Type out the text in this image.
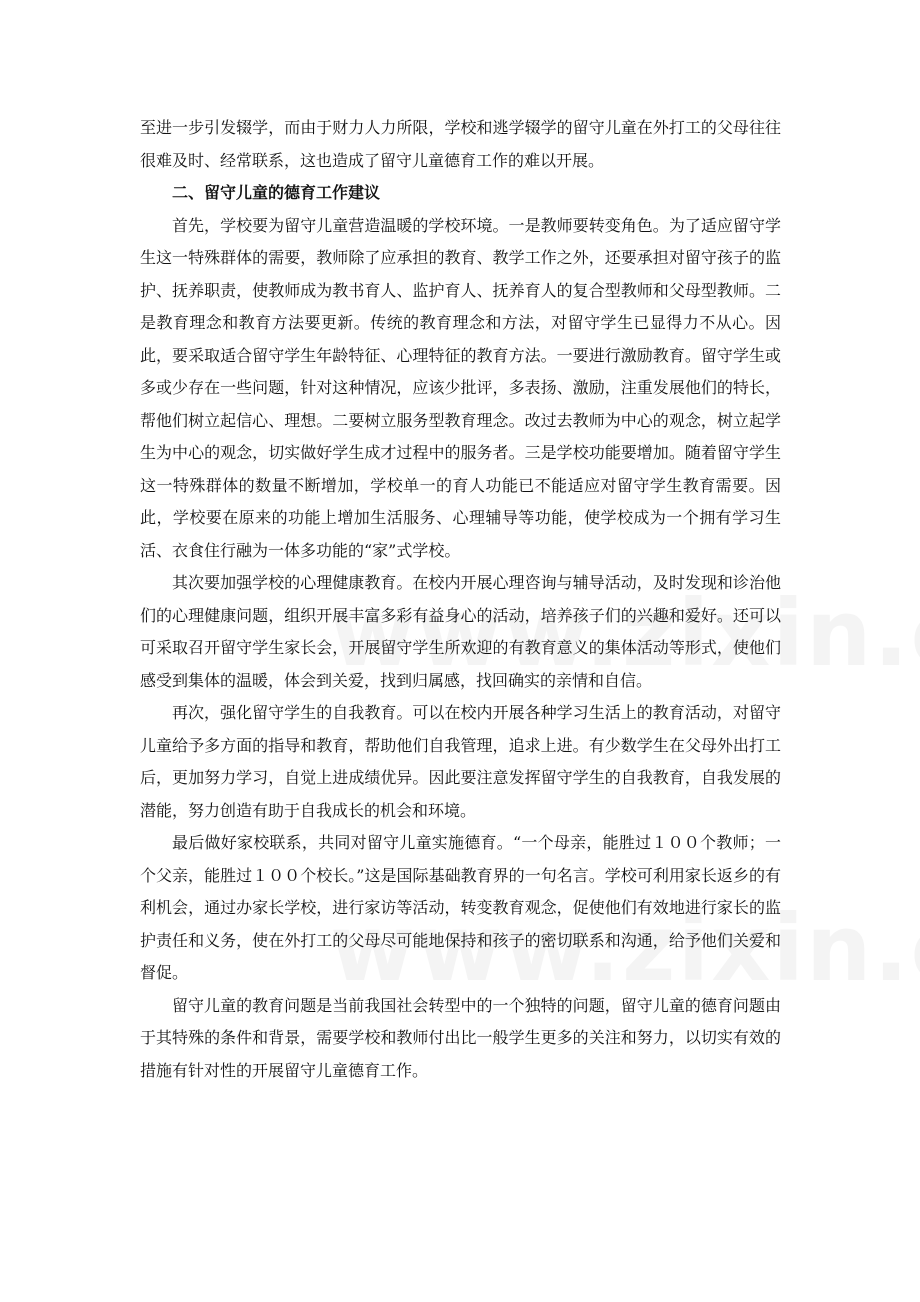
至进一步引发辍学，而由于财力人力所限，学校和逃学辍学的留守儿童在外打工的父母往往很难及时、经常联系，这也造成了留守儿童德育工作的难以开展。

二、留守儿童的德育工作建议

首先，学校要为留守儿童营造温暖的学校环境。一是教师要转变角色。为了适应留守学生这一特殊群体的需要，教师除了应承担的教育、教学工作之外，还要承担对留守孩子的监护、抚养职责，使教师成为教书育人、监护育人、抚养育人的复合型教师和父母型教师。二是教育理念和教育方法要更新。传统的教育理念和方法，对留守学生已显得力不从心。因此，要采取适合留守学生年龄特征、心理特征的教育方法。一要进行激励教育。留守学生或多或少存在一些问题，针对这种情况，应该少批评，多表扬、激励，注重发展他们的特长，帮他们树立起信心、理想。二要树立服务型教育理念。改过去教师为中心的观念，树立起学生为中心的观念，切实做好学生成才过程中的服务者。三是学校功能要增加。随着留守学生这一特殊群体的数量不断增加，学校单一的育人功能已不能适应对留守学生教育需要。因此，学校要在原来的功能上增加生活服务、心理辅导等功能，使学校成为一个拥有学习生活、衣食住行融为一体多功能的“家”式学校。

其次要加强学校的心理健康教育。在校内开展心理咨询与辅导活动，及时发现和诊治他们的心理健康问题，组织开展丰富多彩有益身心的活动，培养孩子们的兴趣和爱好。还可以可采取召开留守学生家长会，开展留守学生所欢迎的有教育意义的集体活动等形式，使他们感受到集体的温暖，体会到关爱，找到归属感，找回确实的亲情和自信。

再次，强化留守学生的自我教育。可以在校内开展各种学习生活上的教育活动，对留守儿童给予多方面的指导和教育，帮助他们自我管理，追求上进。有少数学生在父母外出打工后，更加努力学习，自觉上进成绩优异。因此要注意发挥留守学生的自我教育，自我发展的潜能，努力创造有助于自我成长的机会和环境。

最后做好家校联系，共同对留守儿童实施德育。“一个母亲，能胜过１００个教师；一个父亲，能胜过１００个校长。”这是国际基础教育界的一句名言。学校可利用家长返乡的有利机会，通过办家长学校，进行家访等活动，转变教育观念，促使他们有效地进行家长的监护责任和义务，使在外打工的父母尽可能地保持和孩子的密切联系和沟通，给予他们关爱和督促。

留守儿童的教育问题是当前我国社会转型中的一个独特的问题，留守儿童的德育问题由于其特殊的条件和背景，需要学校和教师付出比一般学生更多的关注和努力，以切实有效的措施有针对性的开展留守儿童德育工作。
